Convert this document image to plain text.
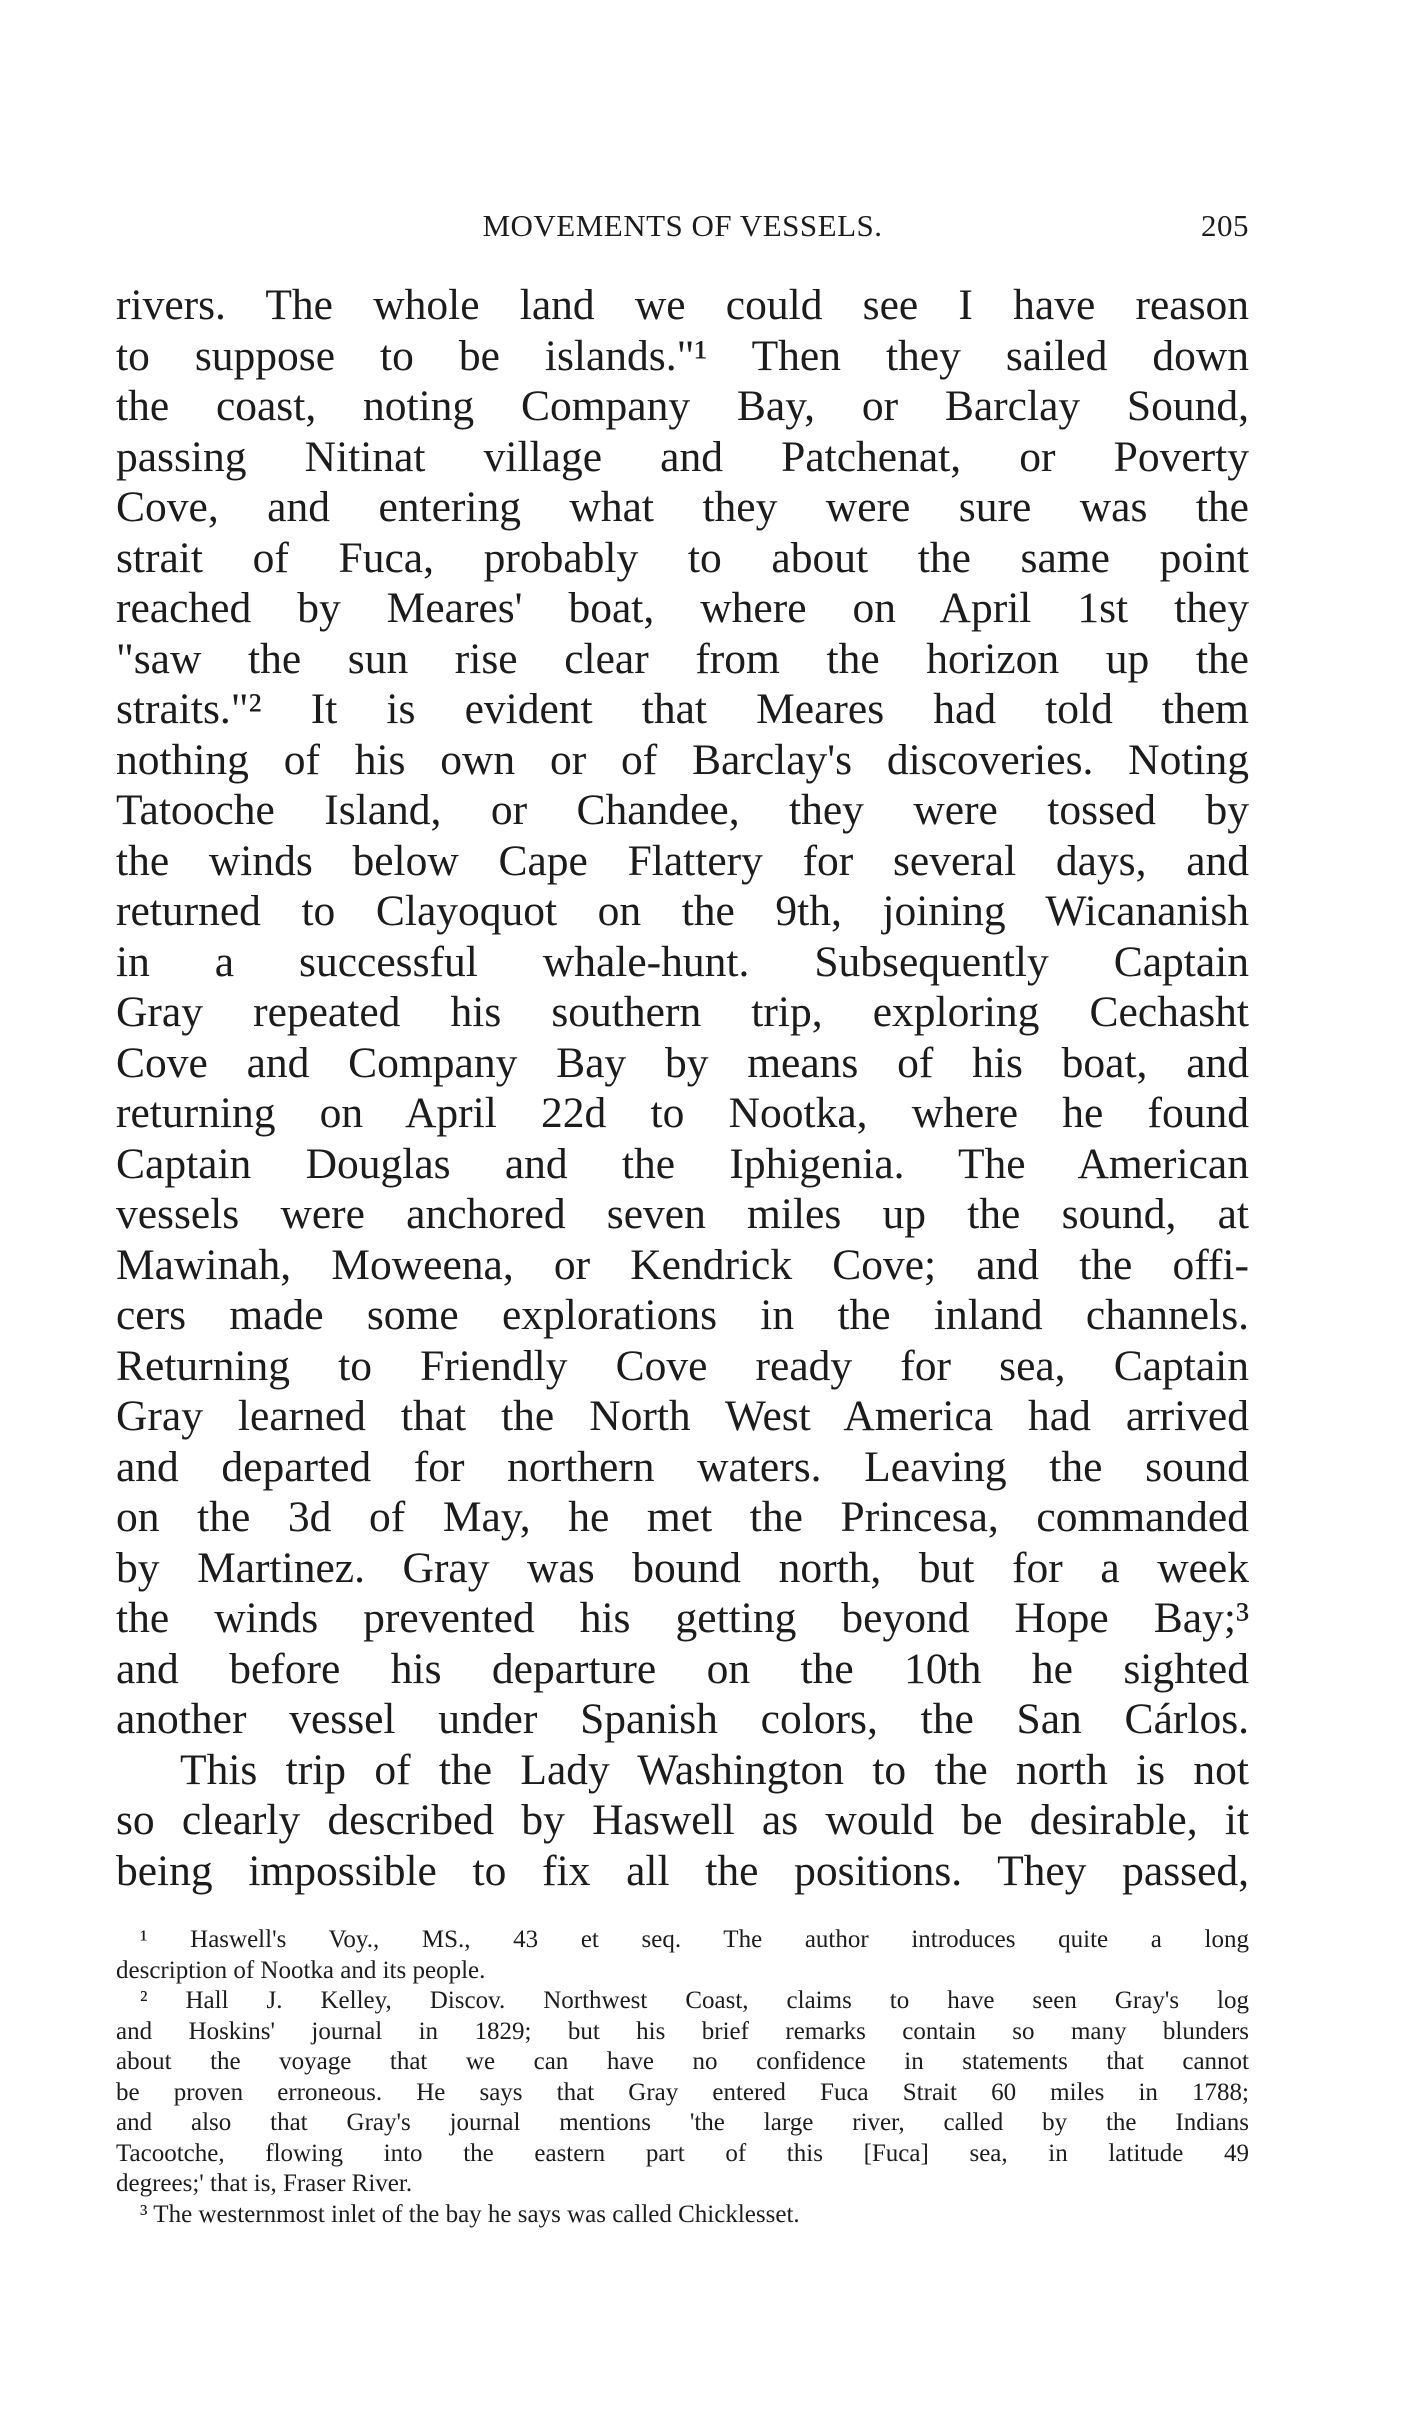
MOVEMENTS OF VESSELS.	205
rivers. The whole land we could see I have reason
to suppose to be islands."¹ Then they sailed down
the coast, noting Company Bay, or Barclay Sound,
passing Nitinat village and Patchenat, or Poverty
Cove, and entering what they were sure was the
strait of Fuca, probably to about the same point
reached by Meares' boat, where on April 1st they
"saw the sun rise clear from the horizon up the
straits."² It is evident that Meares had told them
nothing of his own or of Barclay's discoveries. Noting
Tatooche Island, or Chandee, they were tossed by
the winds below Cape Flattery for several days, and
returned to Clayoquot on the 9th, joining Wicananish
in a successful whale-hunt. Subsequently Captain
Gray repeated his southern trip, exploring Cechasht
Cove and Company Bay by means of his boat, and
returning on April 22d to Nootka, where he found
Captain Douglas and the Iphigenia. The American
vessels were anchored seven miles up the sound, at
Mawinah, Moweena, or Kendrick Cove; and the offi-
cers made some explorations in the inland channels.
Returning to Friendly Cove ready for sea, Captain
Gray learned that the North West America had arrived
and departed for northern waters. Leaving the sound
on the 3d of May, he met the Princesa, commanded
by Martinez. Gray was bound north, but for a week
the winds prevented his getting beyond Hope Bay;³
and before his departure on the 10th he sighted
another vessel under Spanish colors, the San Cárlos.
This trip of the Lady Washington to the north is not
so clearly described by Haswell as would be desirable, it
being impossible to fix all the positions. They passed,
¹ Haswell's Voy., MS., 43 et seq. The author introduces quite a long
description of Nootka and its people.
² Hall J. Kelley, Discov. Northwest Coast, claims to have seen Gray's log
and Hoskins' journal in 1829; but his brief remarks contain so many blunders
about the voyage that we can have no confidence in statements that cannot
be proven erroneous. He says that Gray entered Fuca Strait 60 miles in 1788;
and also that Gray's journal mentions 'the large river, called by the Indians
Tacootche, flowing into the eastern part of this [Fuca] sea, in latitude 49
degrees;' that is, Fraser River.
³ The westernmost inlet of the bay he says was called Chicklesset.
